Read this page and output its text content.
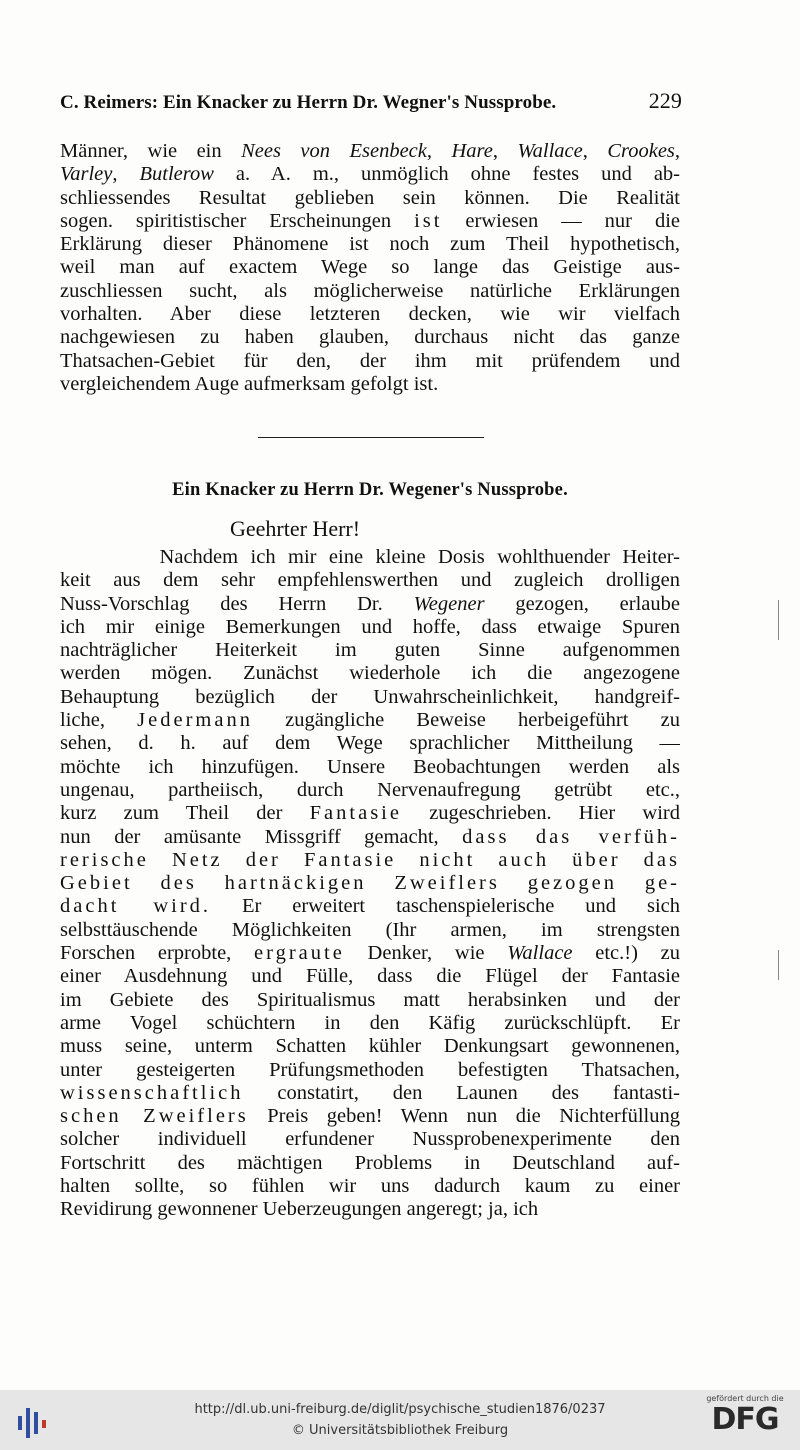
C. Reimers: Ein Knacker zu Herrn Dr. Wegner's Nussprobe.	229
Männer, wie ein Nees von Esenbeck, Hare, Wallace, Crookes,
Varley, Butlerow a. A. m., unmöglich ohne festes und ab-
schliessendes Resultat geblieben sein können. Die Realität
sogen. spiritistischer Erscheinungen ist erwiesen — nur die
Erklärung dieser Phänomene ist noch zum Theil hypothetisch,
weil man auf exactem Wege so lange das Geistige aus-
zuschliessen sucht, als möglicherweise natürliche Erklärungen
vorhalten. Aber diese letzteren decken, wie wir vielfach
nachgewiesen zu haben glauben, durchaus nicht das ganze
Thatsachen-Gebiet für den, der ihm mit prüfendem und
vergleichendem Auge aufmerksam gefolgt ist.
Ein Knacker zu Herrn Dr. Wegener's Nussprobe.
Geehrter Herr!
Nachdem ich mir eine kleine Dosis wohlthuender Heiter-
keit aus dem sehr empfehlenswerthen und zugleich drolligen
Nuss-Vorschlag des Herrn Dr. Wegener gezogen, erlaube
ich mir einige Bemerkungen und hoffe, dass etwaige Spuren
nachträglicher Heiterkeit im guten Sinne aufgenommen
werden mögen. Zunächst wiederhole ich die angezogene
Behauptung bezüglich der Unwahrscheinlichkeit, handgreif-
liche, Jedermann zugängliche Beweise herbeigeführt zu
sehen, d. h. auf dem Wege sprachlicher Mittheilung —
möchte ich hinzufügen. Unsere Beobachtungen werden als
ungenau, partheiisch, durch Nervenaufregung getrübt etc.,
kurz zum Theil der Fantasie zugeschrieben. Hier wird
nun der amüsante Missgriff gemacht, dass das verfüh-
rerische Netz der Fantasie nicht auch über das
Gebiet des hartnäckigen Zweiflers gezogen ge-
dacht wird. Er erweitert taschenspielerische und sich
selbsttäuschende Möglichkeiten (Ihr armen, im strengsten
Forschen erprobte, ergraute Denker, wie Wallace etc.!) zu
einer Ausdehnung und Fülle, dass die Flügel der Fantasie
im Gebiete des Spiritualismus matt herabsinken und der
arme Vogel schüchtern in den Käfig zurückschlüpft. Er
muss seine, unterm Schatten kühler Denkungsart gewonnenen,
unter gesteigerten Prüfungsmethoden befestigten Thatsachen,
wissenschaftlich constatirt, den Launen des fantasti-
schen Zweiflers Preis geben! Wenn nun die Nichterfüllung
solcher individuell erfundener Nussprobenexperimente den
Fortschritt des mächtigen Problems in Deutschland auf-
halten sollte, so fühlen wir uns dadurch kaum zu einer
Revidirung gewonnener Ueberzeugungen angeregt; ja, ich
http://dl.ub.uni-freiburg.de/diglit/psychische_studien1876/0237
© Universitätsbibliothek Freiburg
gefördert durch die
DFG
